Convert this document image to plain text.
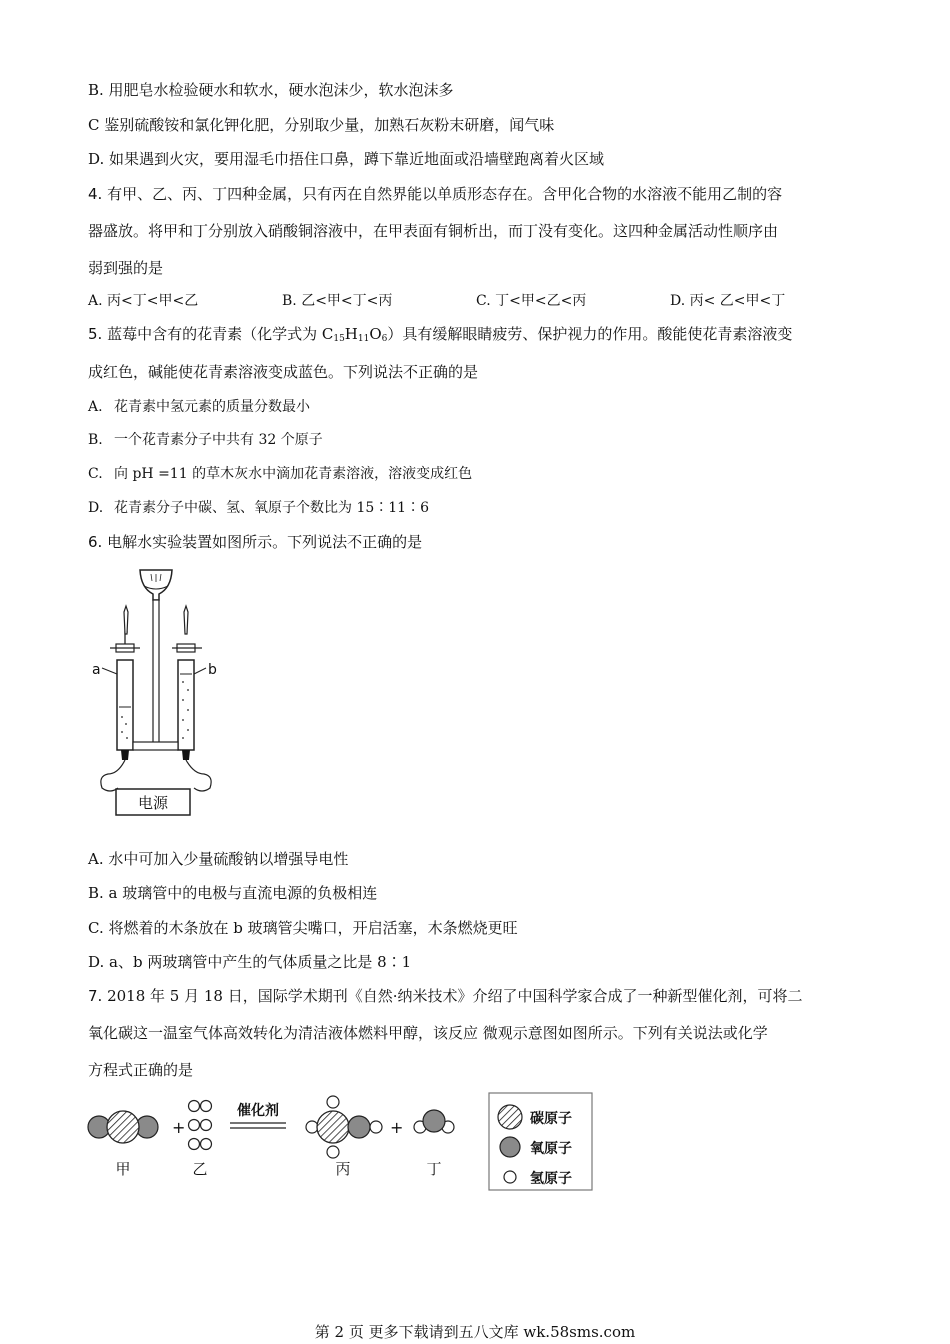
B. 用肥皂水检验硬水和软水，硬水泡沫少，软水泡沫多
C 鉴别硫酸铵和氯化钾化肥，分别取少量，加熟石灰粉末研磨，闻气味
D. 如果遇到火灾，要用湿毛巾捂住口鼻，蹲下靠近地面或沿墙壁跑离着火区域
4. 有甲、乙、丙、丁四种金属，只有丙在自然界能以单质形态存在。含甲化合物的水溶液不能用乙制的容
器盛放。将甲和丁分别放入硝酸铜溶液中，在甲表面有铜析出，而丁没有变化。这四种金属活动性顺序由
弱到强的是
A. 丙<丁<甲<乙	B. 乙<甲<丁<丙	C. 丁<甲<乙<丙	D. 丙< 乙<甲<丁
5. 蓝莓中含有的花青素（化学式为 $C_{15}H_{11}O_6$）具有缓解眼睛疲劳、保护视力的作用。酸能使花青素溶液变
成红色，碱能使花青素溶液变成蓝色。下列说法不正确的是
A. 花青素中氢元素的质量分数最小
B. 一个花青素分子中共有 32 个原子
C. 向 pH =11 的草木灰水中滴加花青素溶液，溶液变成红色
D. 花青素分子中碳、氢、氧原子个数比为 15∶11∶6
6. 电解水实验装置如图所示。下列说法不正确的是
a	b
电源
A. 水中可加入少量硫酸钠以增强导电性
B. a 玻璃管中的电极与直流电源的负极相连
C. 将燃着的木条放在 b 玻璃管尖嘴口，开启活塞，木条燃烧更旺
D. a、b 两玻璃管中产生的气体质量之比是 8∶1
7. 2018 年 5 月 18 日，国际学术期刊《自然·纳米技术》介绍了中国科学家合成了一种新型催化剂，可将二
氧化碳这一温室气体高效转化为清洁液体燃料甲醇，该反应 微观示意图如图所示。下列有关说法或化学
方程式正确的是
+
催化剂
+
甲	乙	丙	丁
碳原子
氧原子
氢原子
第 2 页 更多下载请到五八文库 wk.58sms.com
